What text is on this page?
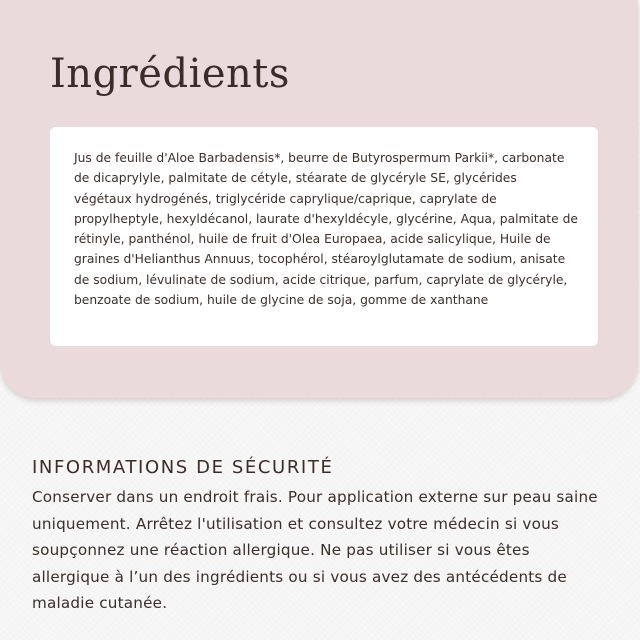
Ingrédients

Jus de feuille d'Aloe Barbadensis*, beurre de Butyrospermum Parkii*, carbonate de dicaprylyle, palmitate de cétyle, stéarate de glycéryle SE, glycérides végétaux hydrogénés, triglycéride caprylique/caprique, caprylate de propylheptyle, hexyldécanol, laurate d'hexyldécyle, glycérine, Aqua, palmitate de rétinyle, panthénol, huile de fruit d'Olea Europaea, acide salicylique, Huile de graines d'Helianthus Annuus, tocophérol, stéaroylglutamate de sodium, anisate de sodium, lévulinate de sodium, acide citrique, parfum, caprylate de glycéryle, benzoate de sodium, huile de glycine de soja, gomme de xanthane

INFORMATIONS DE SÉCURITÉ

Conserver dans un endroit frais. Pour application externe sur peau saine uniquement. Arrêtez l'utilisation et consultez votre médecin si vous soupçonnez une réaction allergique. Ne pas utiliser si vous êtes allergique à l’un des ingrédients ou si vous avez des antécédents de maladie cutanée.
